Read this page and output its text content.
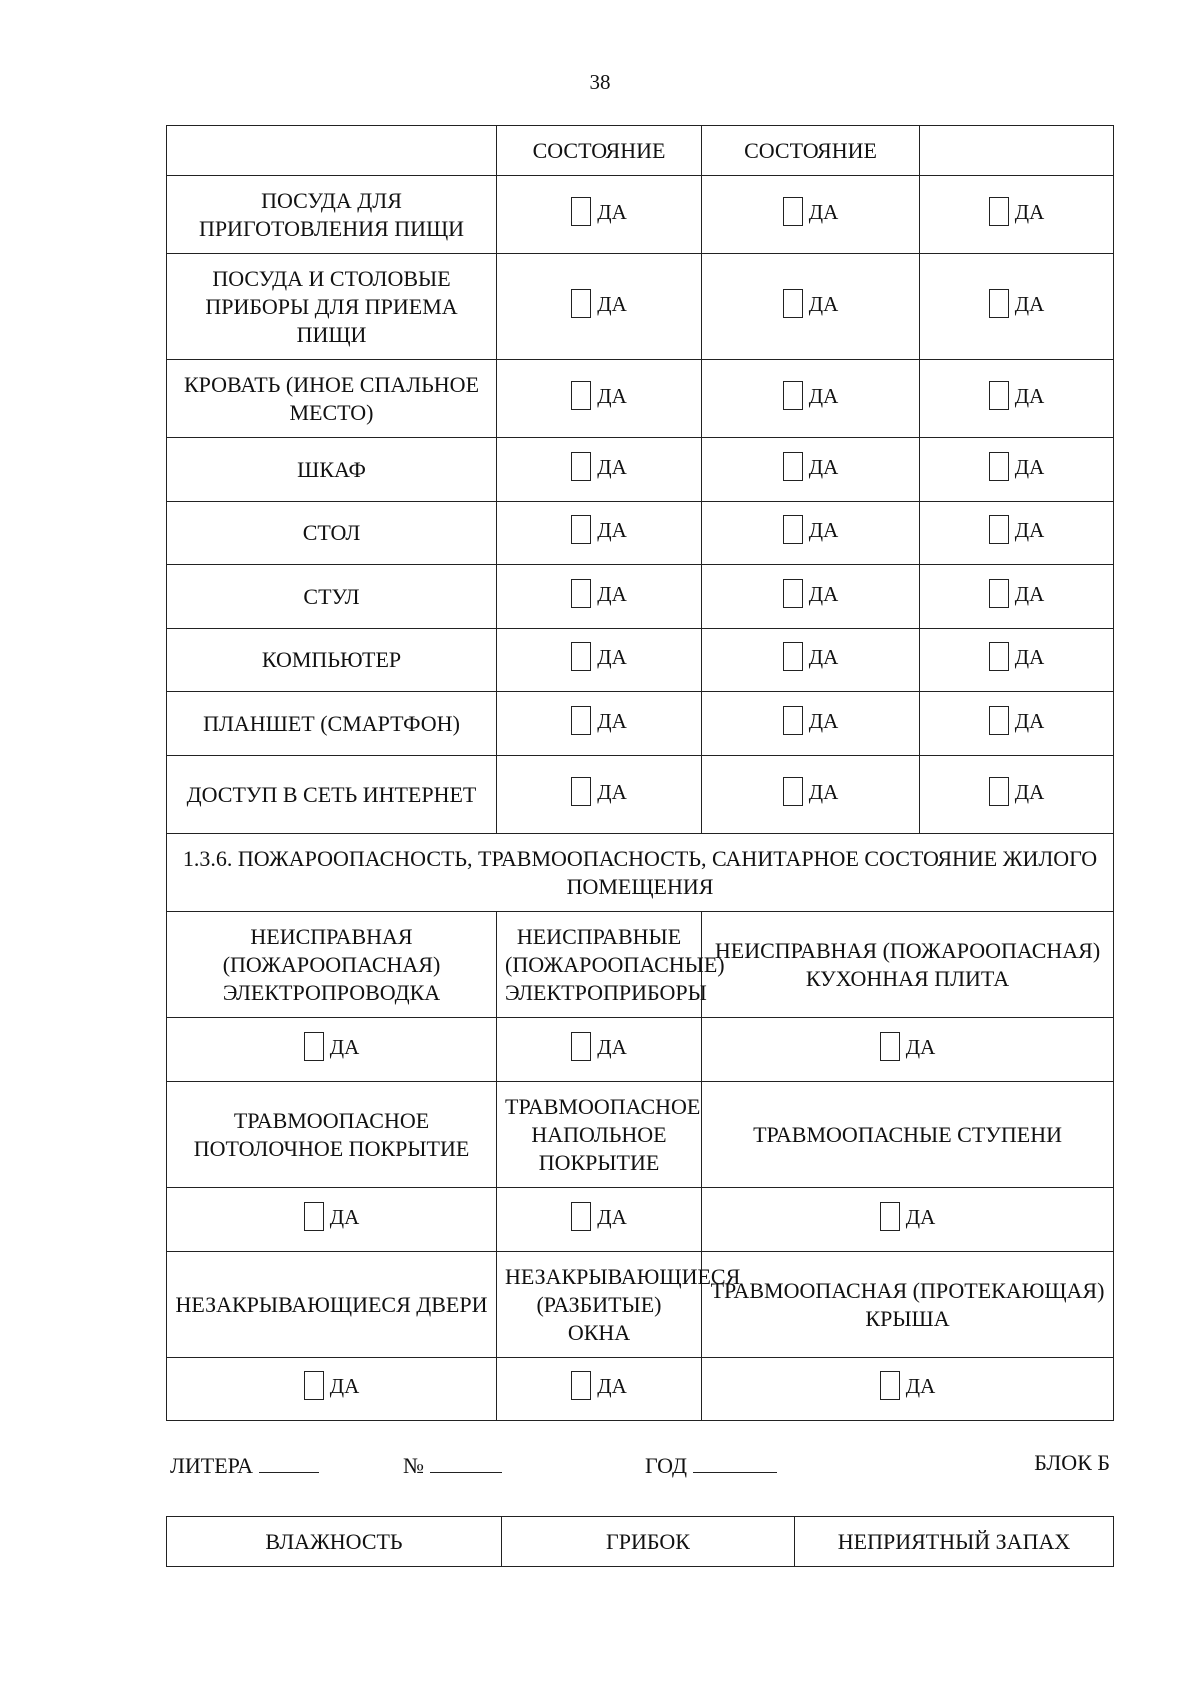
38
	СОСТОЯНИЕ	СОСТОЯНИЕ	
ПОСУДА ДЛЯ ПРИГОТОВЛЕНИЯ ПИЩИ	ДА	ДА	ДА

ПОСУДА И СТОЛОВЫЕ ПРИБОРЫ ДЛЯ ПРИЕМА ПИЩИ	ДА	ДА	ДА

КРОВАТЬ (ИНОЕ СПАЛЬНОЕ МЕСТО)	ДА	ДА	ДА

ШКАФ	ДА	ДА	ДА

СТОЛ	ДА	ДА	ДА

СТУЛ	ДА	ДА	ДА

КОМПЬЮТЕР	ДА	ДА	ДА

ПЛАНШЕТ (СМАРТФОН)	ДА	ДА	ДА

ДОСТУП В СЕТЬ ИНТЕРНЕТ	ДА	ДА	ДА

1.3.6. ПОЖАРООПАСНОСТЬ, ТРАВМООПАСНОСТЬ, САНИТАРНОЕ СОСТОЯНИЕ ЖИЛОГО ПОМЕЩЕНИЯ			
НЕИСПРАВНАЯ (ПОЖАРООПАСНАЯ) ЭЛЕКТРОПРОВОДКА	НЕИСПРАВНЫЕ (ПОЖАРООПАСНЫЕ) ЭЛЕКТРОПРИБОРЫ	НЕИСПРАВНАЯ (ПОЖАРООПАСНАЯ) КУХОННАЯ ПЛИТА	

ДА	ДА	ДА	

ТРАВМООПАСНОЕ ПОТОЛОЧНОЕ ПОКРЫТИЕ	ТРАВМООПАСНОЕ НАПОЛЬНОЕ ПОКРЫТИЕ	ТРАВМООПАСНЫЕ СТУПЕНИ	

ДА	ДА	ДА	

НЕЗАКРЫВАЮЩИЕСЯ ДВЕРИ	НЕЗАКРЫВАЮЩИЕСЯ (РАЗБИТЫЕ) ОКНА	ТРАВМООПАСНАЯ (ПРОТЕКАЮЩАЯ) КРЫША	

ДА	ДА	ДА	
ЛИТЕРА	№	ГОД	БЛОК Б
ВЛАЖНОСТЬ	ГРИБОК	НЕПРИЯТНЫЙ ЗАПАХ
